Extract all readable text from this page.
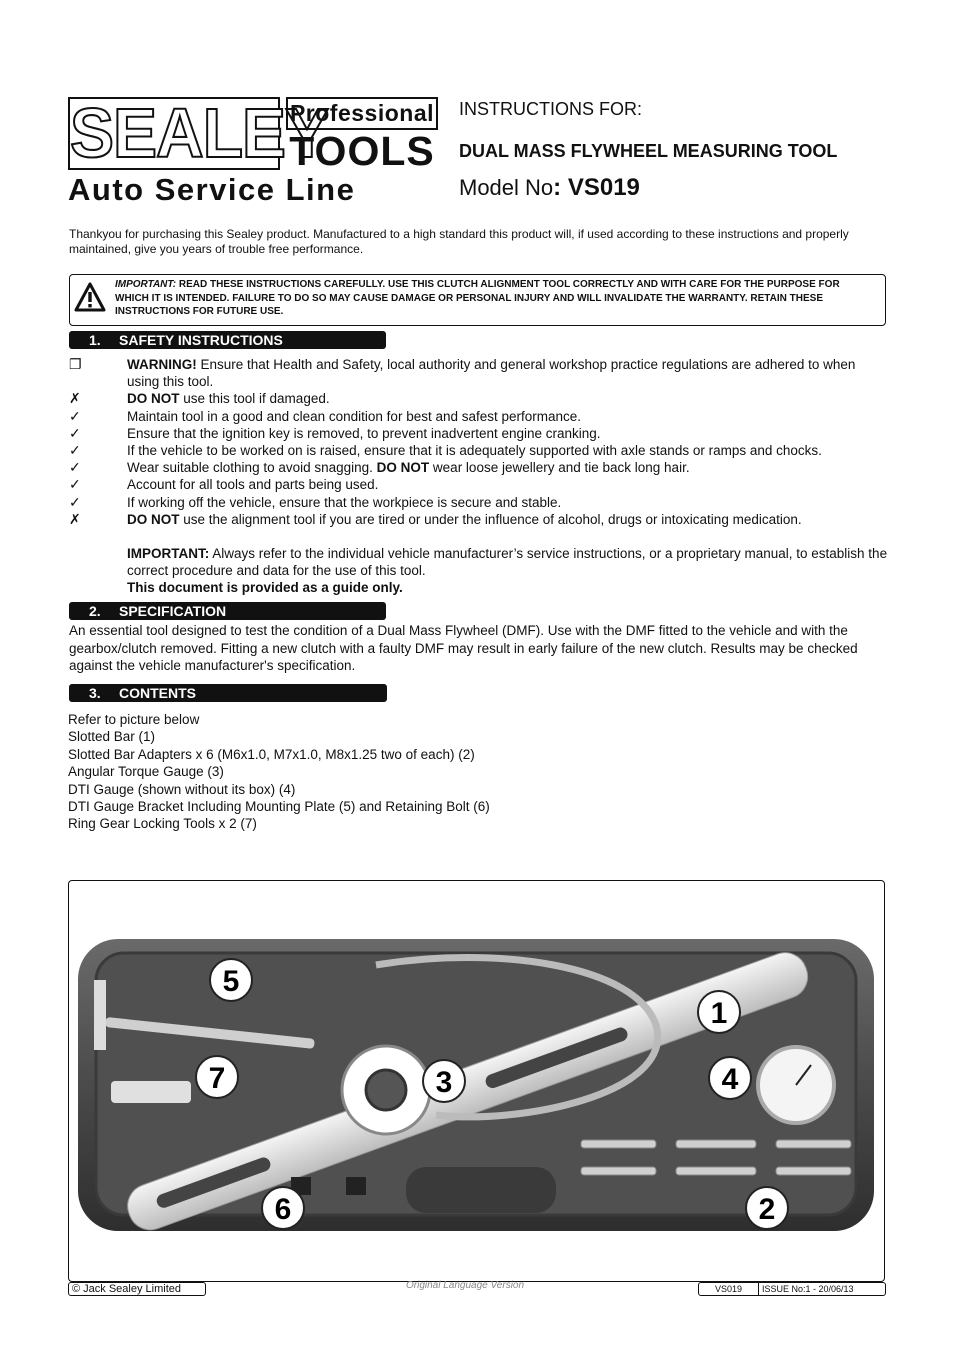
SEALEY
Professional
TOOLS
Auto Service Line
INSTRUCTIONS FOR:
DUAL MASS FLYWHEEL MEASURING TOOL
Model No: VS019
Thankyou for purchasing this Sealey product. Manufactured to a high standard this product will, if used according to these instructions and properly maintained, give you years of trouble free performance.
IMPORTANT: READ THESE INSTRUCTIONS CAREFULLY. USE THIS CLUTCH ALIGNMENT TOOL CORRECTLY AND WITH CARE FOR THE PURPOSE FOR WHICH IT IS INTENDED. FAILURE TO DO SO MAY CAUSE DAMAGE OR PERSONAL INJURY AND WILL INVALIDATE THE WARRANTY. RETAIN THESE INSTRUCTIONS FOR FUTURE USE.
1. SAFETY INSTRUCTIONS
❐	WARNING! Ensure that Health and Safety, local authority and general workshop practice regulations are adhered to when using this tool.
✗	DO NOT use this tool if damaged.
✓	Maintain tool in a good and clean condition for best and safest performance.
✓	Ensure that the ignition key is removed, to prevent inadvertent engine cranking.
✓	If the vehicle to be worked on is raised, ensure that it is adequately supported with axle stands or ramps and chocks.
✓	Wear suitable clothing to avoid snagging. DO NOT wear loose jewellery and tie back long hair.
✓	Account for all tools and parts being used.
✓	If working off the vehicle, ensure that the workpiece is secure and stable.
✗	DO NOT use the alignment tool if you are tired or under the influence of alcohol, drugs or intoxicating medication.
IMPORTANT: Always refer to the individual vehicle manufacturer’s service instructions, or a proprietary manual, to establish the correct procedure and data for the use of this tool.
This document is provided as a guide only.
2. SPECIFICATION
An essential tool designed to test the condition of a Dual Mass Flywheel (DMF). Use with the DMF fitted to the vehicle and with the gearbox/clutch removed. Fitting a new clutch with a faulty DMF may result in early failure of the new clutch. Results may be checked against the vehicle manufacturer's specification.
3. CONTENTS
Refer to picture below
Slotted Bar (1)
Slotted Bar Adapters x 6 (M6x1.0, M7x1.0, M8x1.25 two of each) (2)
Angular Torque Gauge (3)
DTI Gauge (shown without its box) (4)
DTI Gauge Bracket Including Mounting Plate (5) and Retaining Bolt (6)
Ring Gear Locking Tools x 2 (7)
5
1
7	3	4
6	2
© Jack Sealey Limited	Original Language Version	VS019	ISSUE No:1 - 20/06/13
